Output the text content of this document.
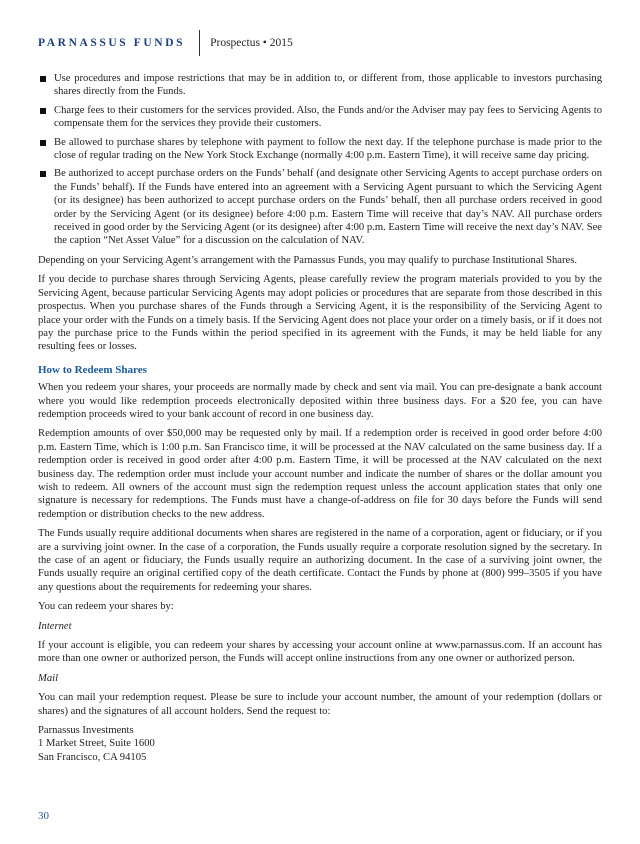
PARNASSUS FUNDS Prospectus • 2015
Use procedures and impose restrictions that may be in addition to, or different from, those applicable to investors purchasing shares directly from the Funds.
Charge fees to their customers for the services provided. Also, the Funds and/or the Adviser may pay fees to Servicing Agents to compensate them for the services they provide their customers.
Be allowed to purchase shares by telephone with payment to follow the next day. If the telephone purchase is made prior to the close of regular trading on the New York Stock Exchange (normally 4:00 p.m. Eastern Time), it will receive same day pricing.
Be authorized to accept purchase orders on the Funds’ behalf (and designate other Servicing Agents to accept purchase orders on the Funds’ behalf). If the Funds have entered into an agreement with a Servicing Agent pursuant to which the Servicing Agent (or its designee) has been authorized to accept purchase orders on the Funds’ behalf, then all purchase orders received in good order by the Servicing Agent (or its designee) before 4:00 p.m. Eastern Time will receive that day’s NAV. All purchase orders received in good order by the Servicing Agent (or its designee) after 4:00 p.m. Eastern Time will receive the next day’s NAV. See the caption “Net Asset Value” for a discussion on the calculation of NAV.

Depending on your Servicing Agent’s arrangement with the Parnassus Funds, you may qualify to purchase Institutional Shares.

If you decide to purchase shares through Servicing Agents, please carefully review the program materials provided to you by the Servicing Agent, because particular Servicing Agents may adopt policies or procedures that are separate from those described in this prospectus. When you purchase shares of the Funds through a Servicing Agent, it is the responsibility of the Servicing Agent to place your order with the Funds on a timely basis. If the Servicing Agent does not place your order on a timely basis, or if it does not pay the purchase price to the Funds within the period specified in its agreement with the Funds, it may be held liable for any resulting fees or losses.

How to Redeem Shares

When you redeem your shares, your proceeds are normally made by check and sent via mail. You can pre-designate a bank account where you would like redemption proceeds electronically deposited within three business days. For a $20 fee, you can have redemption proceeds wired to your bank account of record in one business day.

Redemption amounts of over $50,000 may be requested only by mail. If a redemption order is received in good order before 4:00 p.m. Eastern Time, which is 1:00 p.m. San Francisco time, it will be processed at the NAV calculated on the same business day. If a redemption order is received in good order after 4:00 p.m. Eastern Time, it will be processed at the NAV calculated on the next business day. The redemption order must include your account number and indicate the number of shares or the dollar amount you wish to redeem. All owners of the account must sign the redemption request unless the account application states that only one signature is necessary for redemptions. The Funds must have a change-of-address on file for 30 days before the Funds will send redemption or distribution checks to the new address.

The Funds usually require additional documents when shares are registered in the name of a corporation, agent or fiduciary, or if you are a surviving joint owner. In the case of a corporation, the Funds usually require a corporate resolution signed by the secretary. In the case of an agent or fiduciary, the Funds usually require an authorizing document. In the case of a surviving joint owner, the Funds usually require an original certified copy of the death certificate. Contact the Funds by phone at (800) 999–3505 if you have any questions about the requirements for redeeming your shares.

You can redeem your shares by:

Internet

If your account is eligible, you can redeem your shares by accessing your account online at www.parnassus.com. If an account has more than one owner or authorized person, the Funds will accept online instructions from any one owner or authorized person.

Mail

You can mail your redemption request. Please be sure to include your account number, the amount of your redemption (dollars or shares) and the signatures of all account holders. Send the request to:

Parnassus Investments
1 Market Street, Suite 1600
San Francisco, CA 94105
30
